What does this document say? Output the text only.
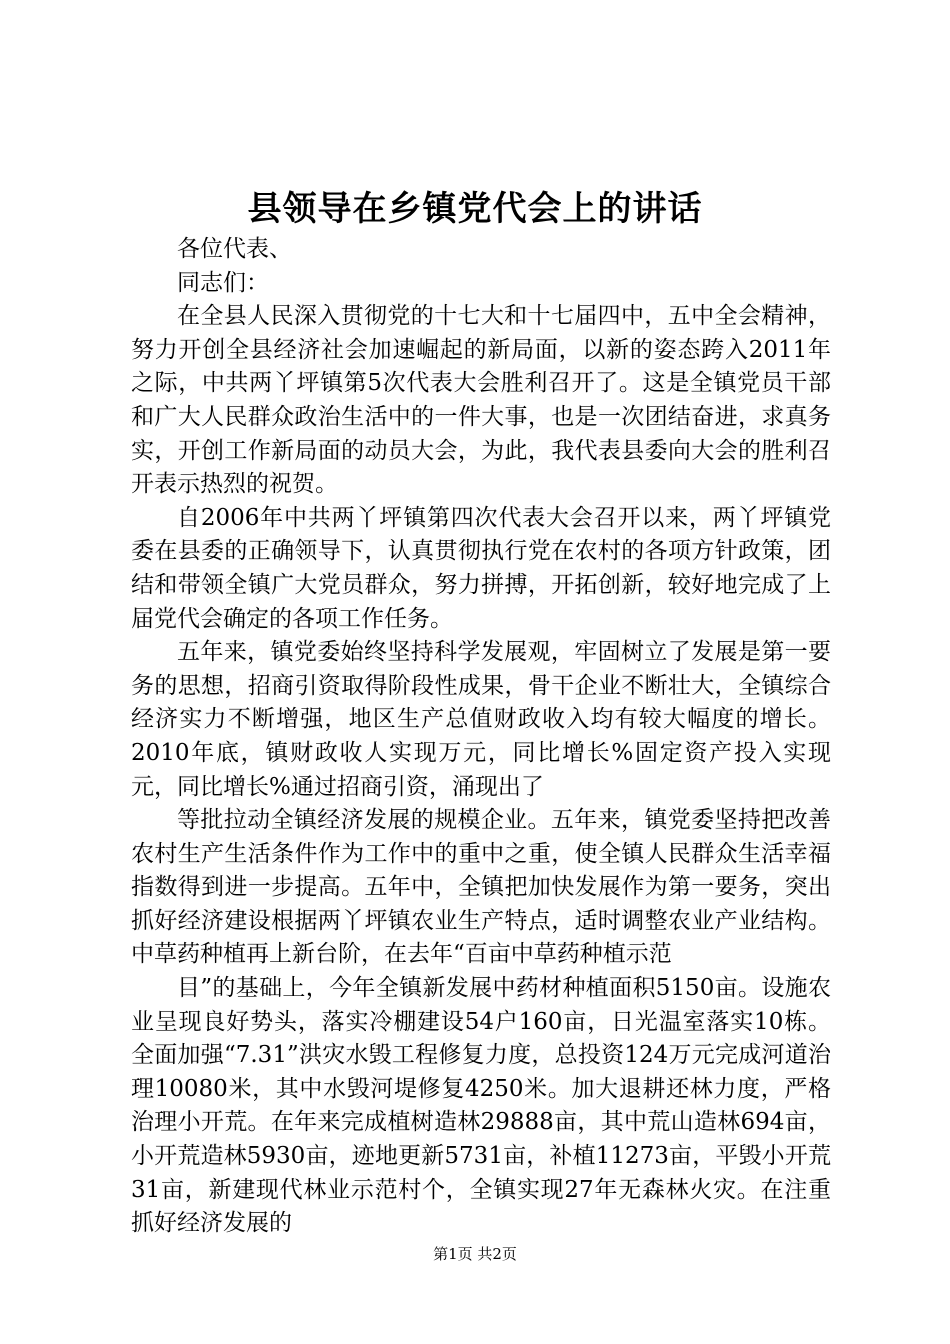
县领导在乡镇党代会上的讲话

各位代表、

同志们：

在全县人民深入贯彻党的十七大和十七届四中，五中全会精神，努力开创全县经济社会加速崛起的新局面，以新的姿态跨入2011年之际，中共两丫坪镇第5次代表大会胜利召开了。这是全镇党员干部和广大人民群众政治生活中的一件大事，也是一次团结奋进，求真务实，开创工作新局面的动员大会，为此，我代表县委向大会的胜利召开表示热烈的祝贺。

自2006年中共两丫坪镇第四次代表大会召开以来，两丫坪镇党委在县委的正确领导下，认真贯彻执行党在农村的各项方针政策，团结和带领全镇广大党员群众，努力拼搏，开拓创新，较好地完成了上届党代会确定的各项工作任务。

五年来，镇党委始终坚持科学发展观，牢固树立了发展是第一要务的思想，招商引资取得阶段性成果，骨干企业不断壮大，全镇综合经济实力不断增强，地区生产总值财政收入均有较大幅度的增长。2010年底，镇财政收人实现万元，同比增长%固定资产投入实现元，同比增长%通过招商引资，涌现出了

等批拉动全镇经济发展的规模企业。五年来，镇党委坚持把改善农村生产生活条件作为工作中的重中之重，使全镇人民群众生活幸福指数得到进一步提高。五年中，全镇把加快发展作为第一要务，突出抓好经济建设根据两丫坪镇农业生产特点，适时调整农业产业结构。中草药种植再上新台阶，在去年“百亩中草药种植示范

目”的基础上，今年全镇新发展中药材种植面积5150亩。设施农业呈现良好势头，落实冷棚建设54户160亩，日光温室落实10栋。全面加强“7.31”洪灾水毁工程修复力度，总投资124万元完成河道治理10080米，其中水毁河堤修复4250米。加大退耕还林力度，严格治理小开荒。在年来完成植树造林29888亩，其中荒山造林694亩，小开荒造林5930亩，迹地更新5731亩，补植11273亩，平毁小开荒31亩，新建现代林业示范村个，全镇实现27年无森林火灾。在注重抓好经济发展的

第1页 共2页
